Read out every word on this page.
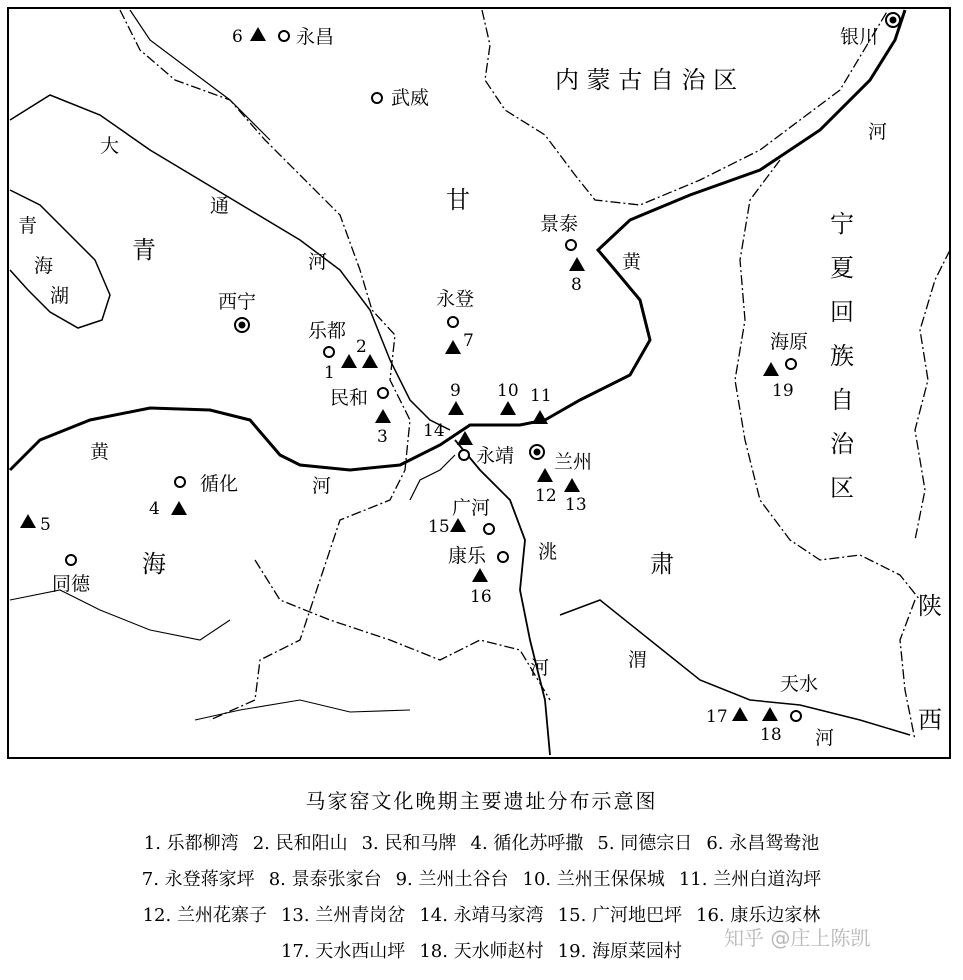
内 蒙 古 自 治 区
甘
肃
青
海
宁
夏
回
族
自
治
区
陕
西
青
海
湖
大
通
河
河
黄
黄
河
洮
河	渭
河
永昌
武威
银川
景泰
西宁	永登
乐都
民和
海原
永靖 兰州
循化
广河
康乐
同德
天水
6
8
7
1
2
19
9 10 11
3 14
12 13
4
5	15
16
17
18
马家窑文化晚期主要遗址分布示意图
1. 乐都柳湾 2. 民和阳山 3. 民和马牌 4. 循化苏呼撒 5. 同德宗日 6. 永昌鸳鸯池
7. 永登蒋家坪 8. 景泰张家台 9. 兰州土谷台 10. 兰州王保保城 11. 兰州白道沟坪
12. 兰州花寨子 13. 兰州青岗岔 14. 永靖马家湾 15. 广河地巴坪 16. 康乐边家林
17. 天水西山坪 18. 天水师赵村 19. 海原菜园村
知乎 @庄上陈凯
